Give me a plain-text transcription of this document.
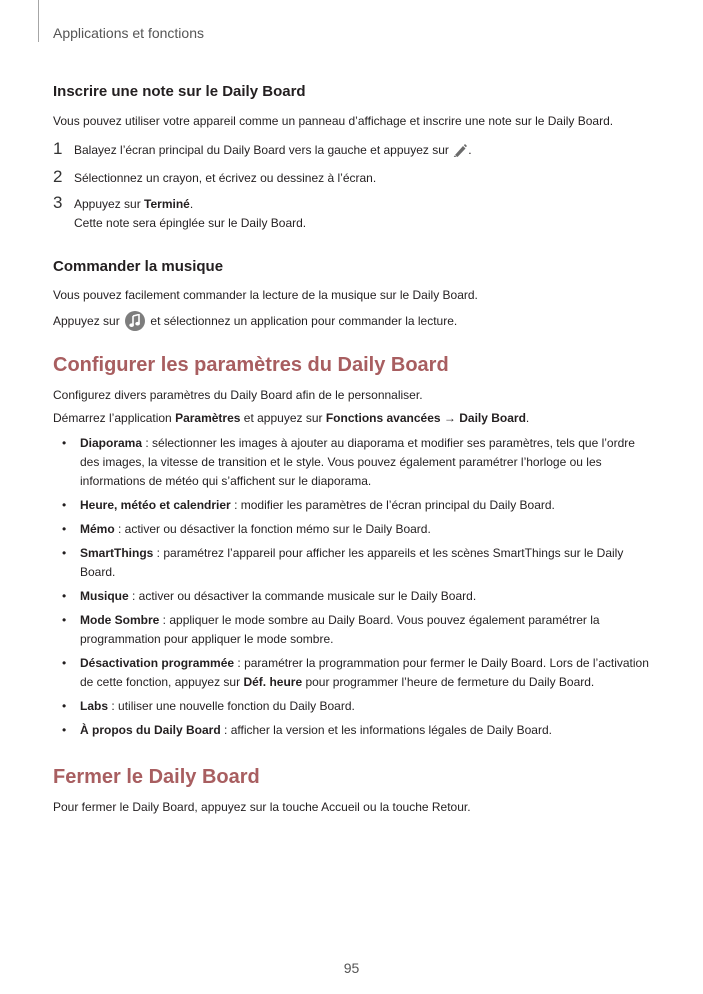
Applications et fonctions
Inscrire une note sur le Daily Board

Vous pouvez utiliser votre appareil comme un panneau d’affichage et inscrire une note sur le Daily Board.

1 Balayez l’écran principal du Daily Board vers la gauche et appuyez sur .
2 Sélectionnez un crayon, et écrivez ou dessinez à l’écran.
3 Appuyez sur Terminé.
Cette note sera épinglée sur le Daily Board.
Commander la musique

Vous pouvez facilement commander la lecture de la musique sur le Daily Board.

Appuyez sur	et sélectionnez un application pour commander la lecture.

Configurer les paramètres du Daily Board

Configurez divers paramètres du Daily Board afin de le personnaliser.

Démarrez l’application Paramètres et appuyez sur Fonctions avancées → Daily Board.

• Diaporama : sélectionner les images à ajouter au diaporama et modifier ses paramètres, tels que l’ordre des images, la vitesse de transition et le style. Vous pouvez également paramétrer l’horloge ou les informations de météo qui s’affichent sur le diaporama.
• Heure, météo et calendrier : modifier les paramètres de l’écran principal du Daily Board.
• Mémo : activer ou désactiver la fonction mémo sur le Daily Board.
• SmartThings : paramétrez l’appareil pour afficher les appareils et les scènes SmartThings sur le Daily Board.
• Musique : activer ou désactiver la commande musicale sur le Daily Board.
• Mode Sombre : appliquer le mode sombre au Daily Board. Vous pouvez également paramétrer la programmation pour appliquer le mode sombre.
• Désactivation programmée : paramétrer la programmation pour fermer le Daily Board. Lors de l’activation de cette fonction, appuyez sur Déf. heure pour programmer l’heure de fermeture du Daily Board.
• Labs : utiliser une nouvelle fonction du Daily Board.
• À propos du Daily Board : afficher la version et les informations légales de Daily Board.
Fermer le Daily Board

Pour fermer le Daily Board, appuyez sur la touche Accueil ou la touche Retour.

95
